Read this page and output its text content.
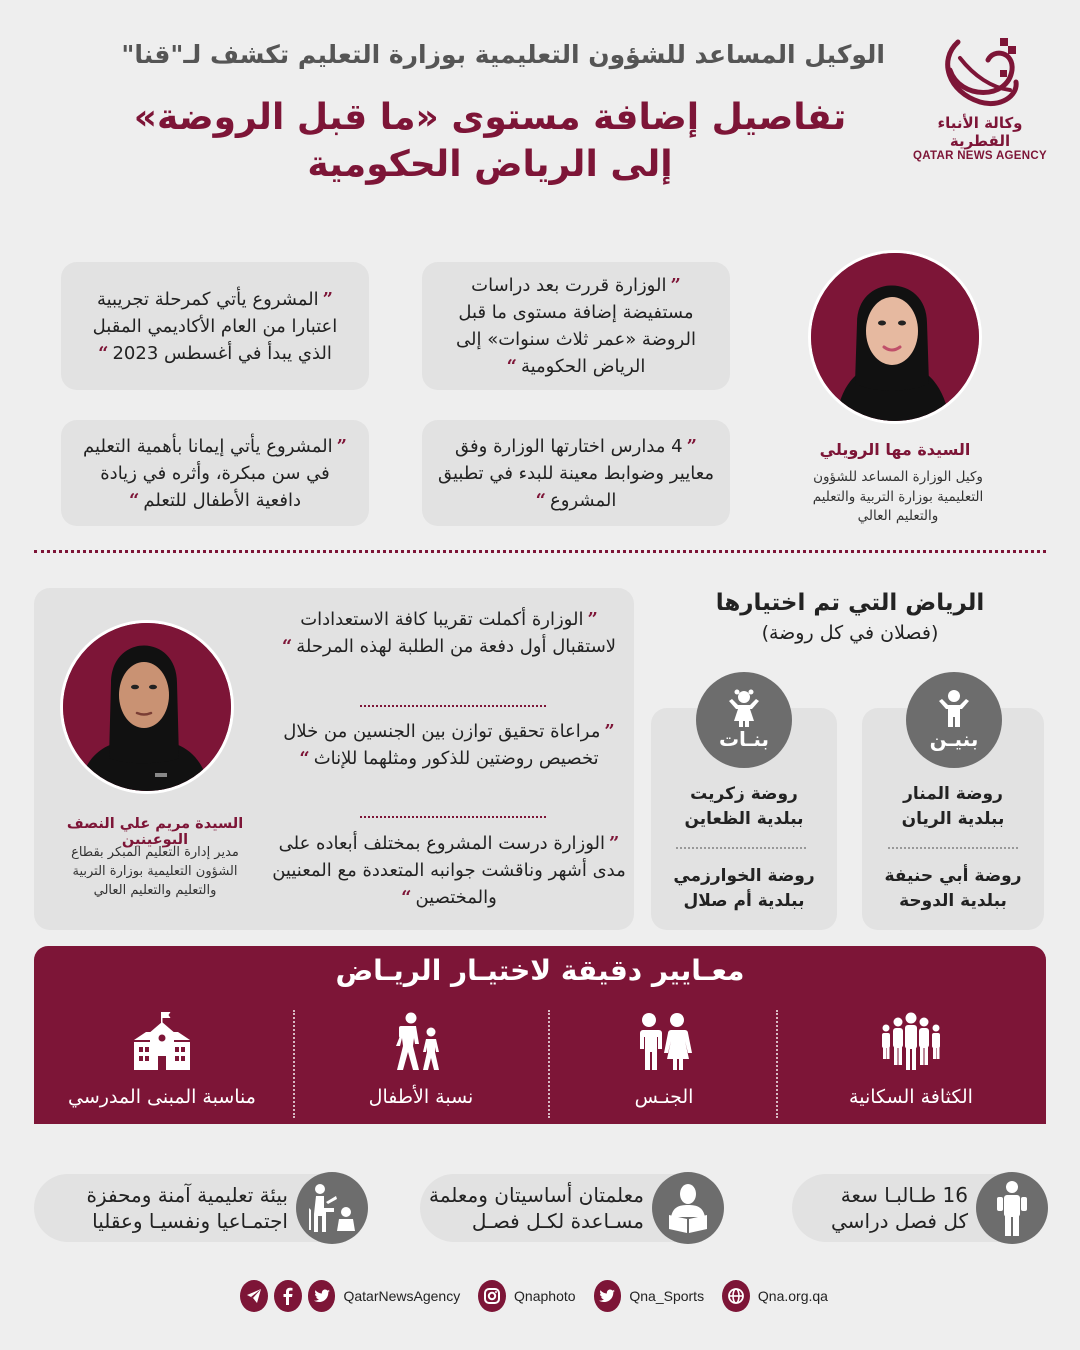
وكالة الأنباء القطرية
QATAR NEWS AGENCY
الوكيل المساعد للشؤون التعليمية بوزارة التعليم تكشف لـ"قنا"
تفاصيل إضافة مستوى «ما قبل الروضة»
إلى الرياض الحكومية
”الوزارة قررت بعد دراسات مستفيضة إضافة مستوى ما قبل الروضة «عمر ثلاث سنوات» إلى الرياض الحكومية“
”المشروع يأتي كمرحلة تجريبية اعتبارا من العام الأكاديمي المقبل الذي يبدأ في أغسطس 2023“
”4 مدارس اختارتها الوزارة وفق معايير وضوابط معينة للبدء في تطبيق المشروع“
”المشروع يأتي إيمانا بأهمية التعليم في سن مبكرة، وأثره في زيادة دافعية الأطفال للتعلم“
السيدة مها الرويلي
وكيل الوزارة المساعد للشؤون
التعليمية بوزارة التربية والتعليم
والتعليم العالي
السيدة مريم علي النصف البوعينين
مدير إدارة التعليم المبكر بقطاع
الشؤون التعليمية بوزارة التربية
والتعليم والتعليم العالي
”الوزارة أكملت تقريبا كافة الاستعدادات لاستقبال أول دفعة من الطلبة لهذه المرحلة“
”مراعاة تحقيق توازن بين الجنسين من خلال تخصيص روضتين للذكور ومثلهما للإناث“
”الوزارة درست المشروع بمختلف أبعاده على مدى أشهر وناقشت جوانبه المتعددة مع المعنيين والمختصين“
الرياض التي تم اختيارها
(فصلان في كل روضة)
بنيـن
بنـات
روضة المنار
ببلدية الريان
روضة أبي حنيفة
ببلدية الدوحة
روضة زكريت
ببلدية الظعاين
روضة الخوارزمي
ببلدية أم صلال
معـايير دقيقة لاختيـار الريـاض
الكثافة السكانية
الجنـس
نسبة الأطفال
مناسبة المبنى المدرسي
16 طـالبـا سعة
كل فصل دراسي
معلمتان أساسيتان ومعلمة
مسـاعدة لكـل فصـل
بيئة تعليمية آمنة ومحفزة
اجتمـاعيا ونفسيـا وعقليا
QatarNewsAgency	Qnaphoto	Qna_Sports	Qna.org.qa
